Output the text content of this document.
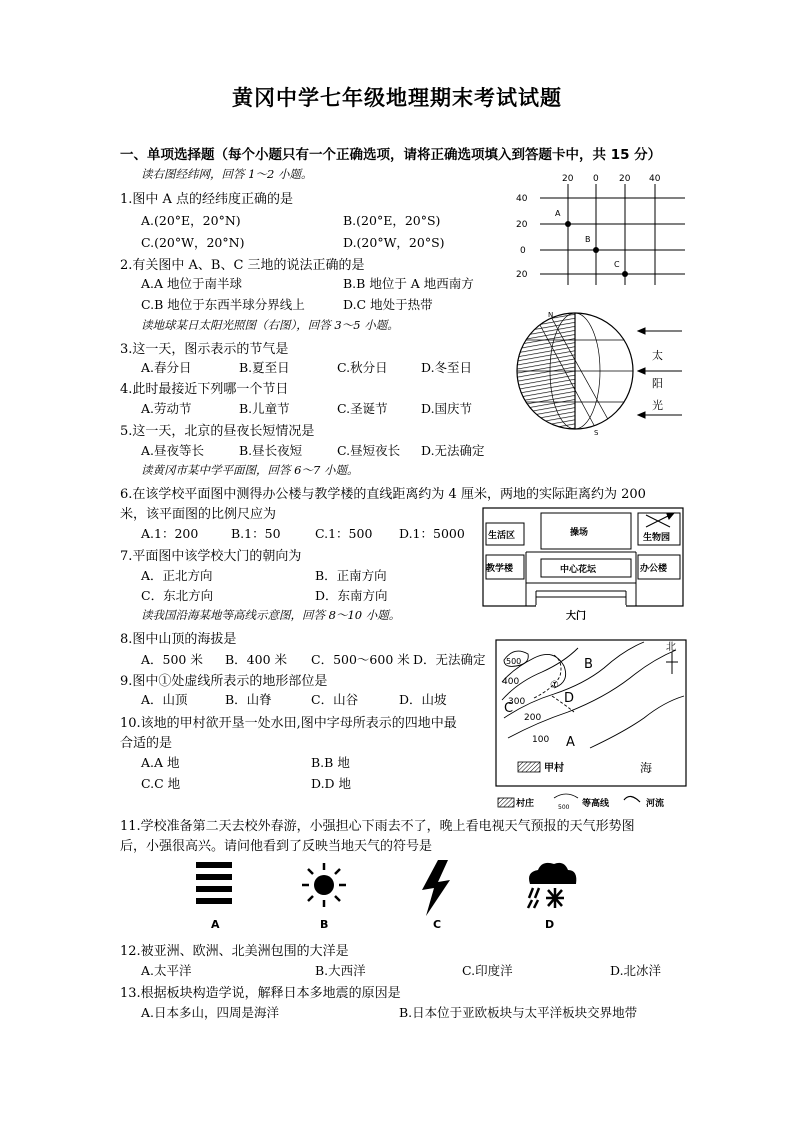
黄冈中学七年级地理期末考试试题
一、单项选择题（每个小题只有一个正确选项，请将正确选项填入到答题卡中，共 15 分）
读右图经纬网，回答 1～2 小题。
1.图中 A 点的经纬度正确的是
A.(20°E，20°N)	B.(20°E，20°S)
C.(20°W，20°N)	D.(20°W，20°S)
2.有关图中 A、B、C 三地的说法正确的是
A.A 地位于南半球	B.B 地位于 A 地西南方
C.B 地位于东西半球分界线上	D.C 地处于热带
读地球某日太阳光照图（右图），回答 3～5 小题。
3.这一天，图示表示的节气是
A.春分日	B.夏至日	C.秋分日	D.冬至日
4.此时最接近下列哪一个节日
A.劳动节	B.儿童节	C.圣诞节	D.国庆节
5.这一天，北京的昼夜长短情况是
A.昼夜等长	B.昼长夜短	C.昼短夜长 D.无法确定
读黄冈市某中学平面图，回答 6～7 小题。
6.在该学校平面图中测得办公楼与教学楼的直线距离约为 4 厘米，两地的实际距离约为 200
米，该平面图的比例尺应为
A.1：200	B.1：50	C.1：500 D.1：5000
7.平面图中该学校大门的朝向为
A．正北方向	B．正南方向
C．东北方向	D．东南方向
读我国沿海某地等高线示意图，回答 8～10 小题。
8.图中山顶的海拔是
A．500 米 B．400 米 C．500～600 米 D．无法确定
9.图中①处虚线所表示的地形部位是
A．山顶	B．山脊	C．山谷	D．山坡
10.该地的甲村欲开垦一处水田,图中字母所表示的四地中最
合适的是
A.A 地	B.B 地
C.C 地	D.D 地
11.学校准备第二天去校外春游，小强担心下雨去不了，晚上看电视天气预报的天气形势图
后，小强很高兴。请问他看到了反映当地天气的符号是
A	B	C	D
12.被亚洲、欧洲、北美洲包围的大洋是
A.太平洋	B.大西洋	C.印度洋	D.北冰洋
13.根据板块构造学说，解释日本多地震的原因是
A.日本多山，四周是海洋	B.日本位于亚欧板块与太平洋板块交界地带
20 0 20 40
40
20
0
20
A
B
C
N
S
太
阳
光
生活区	操场	生物园
教学楼	中心花坛	办公楼
大门
500
400
300
200
100
B
C
D
A
①
北
甲村	海
村庄	500 等高线	河流
